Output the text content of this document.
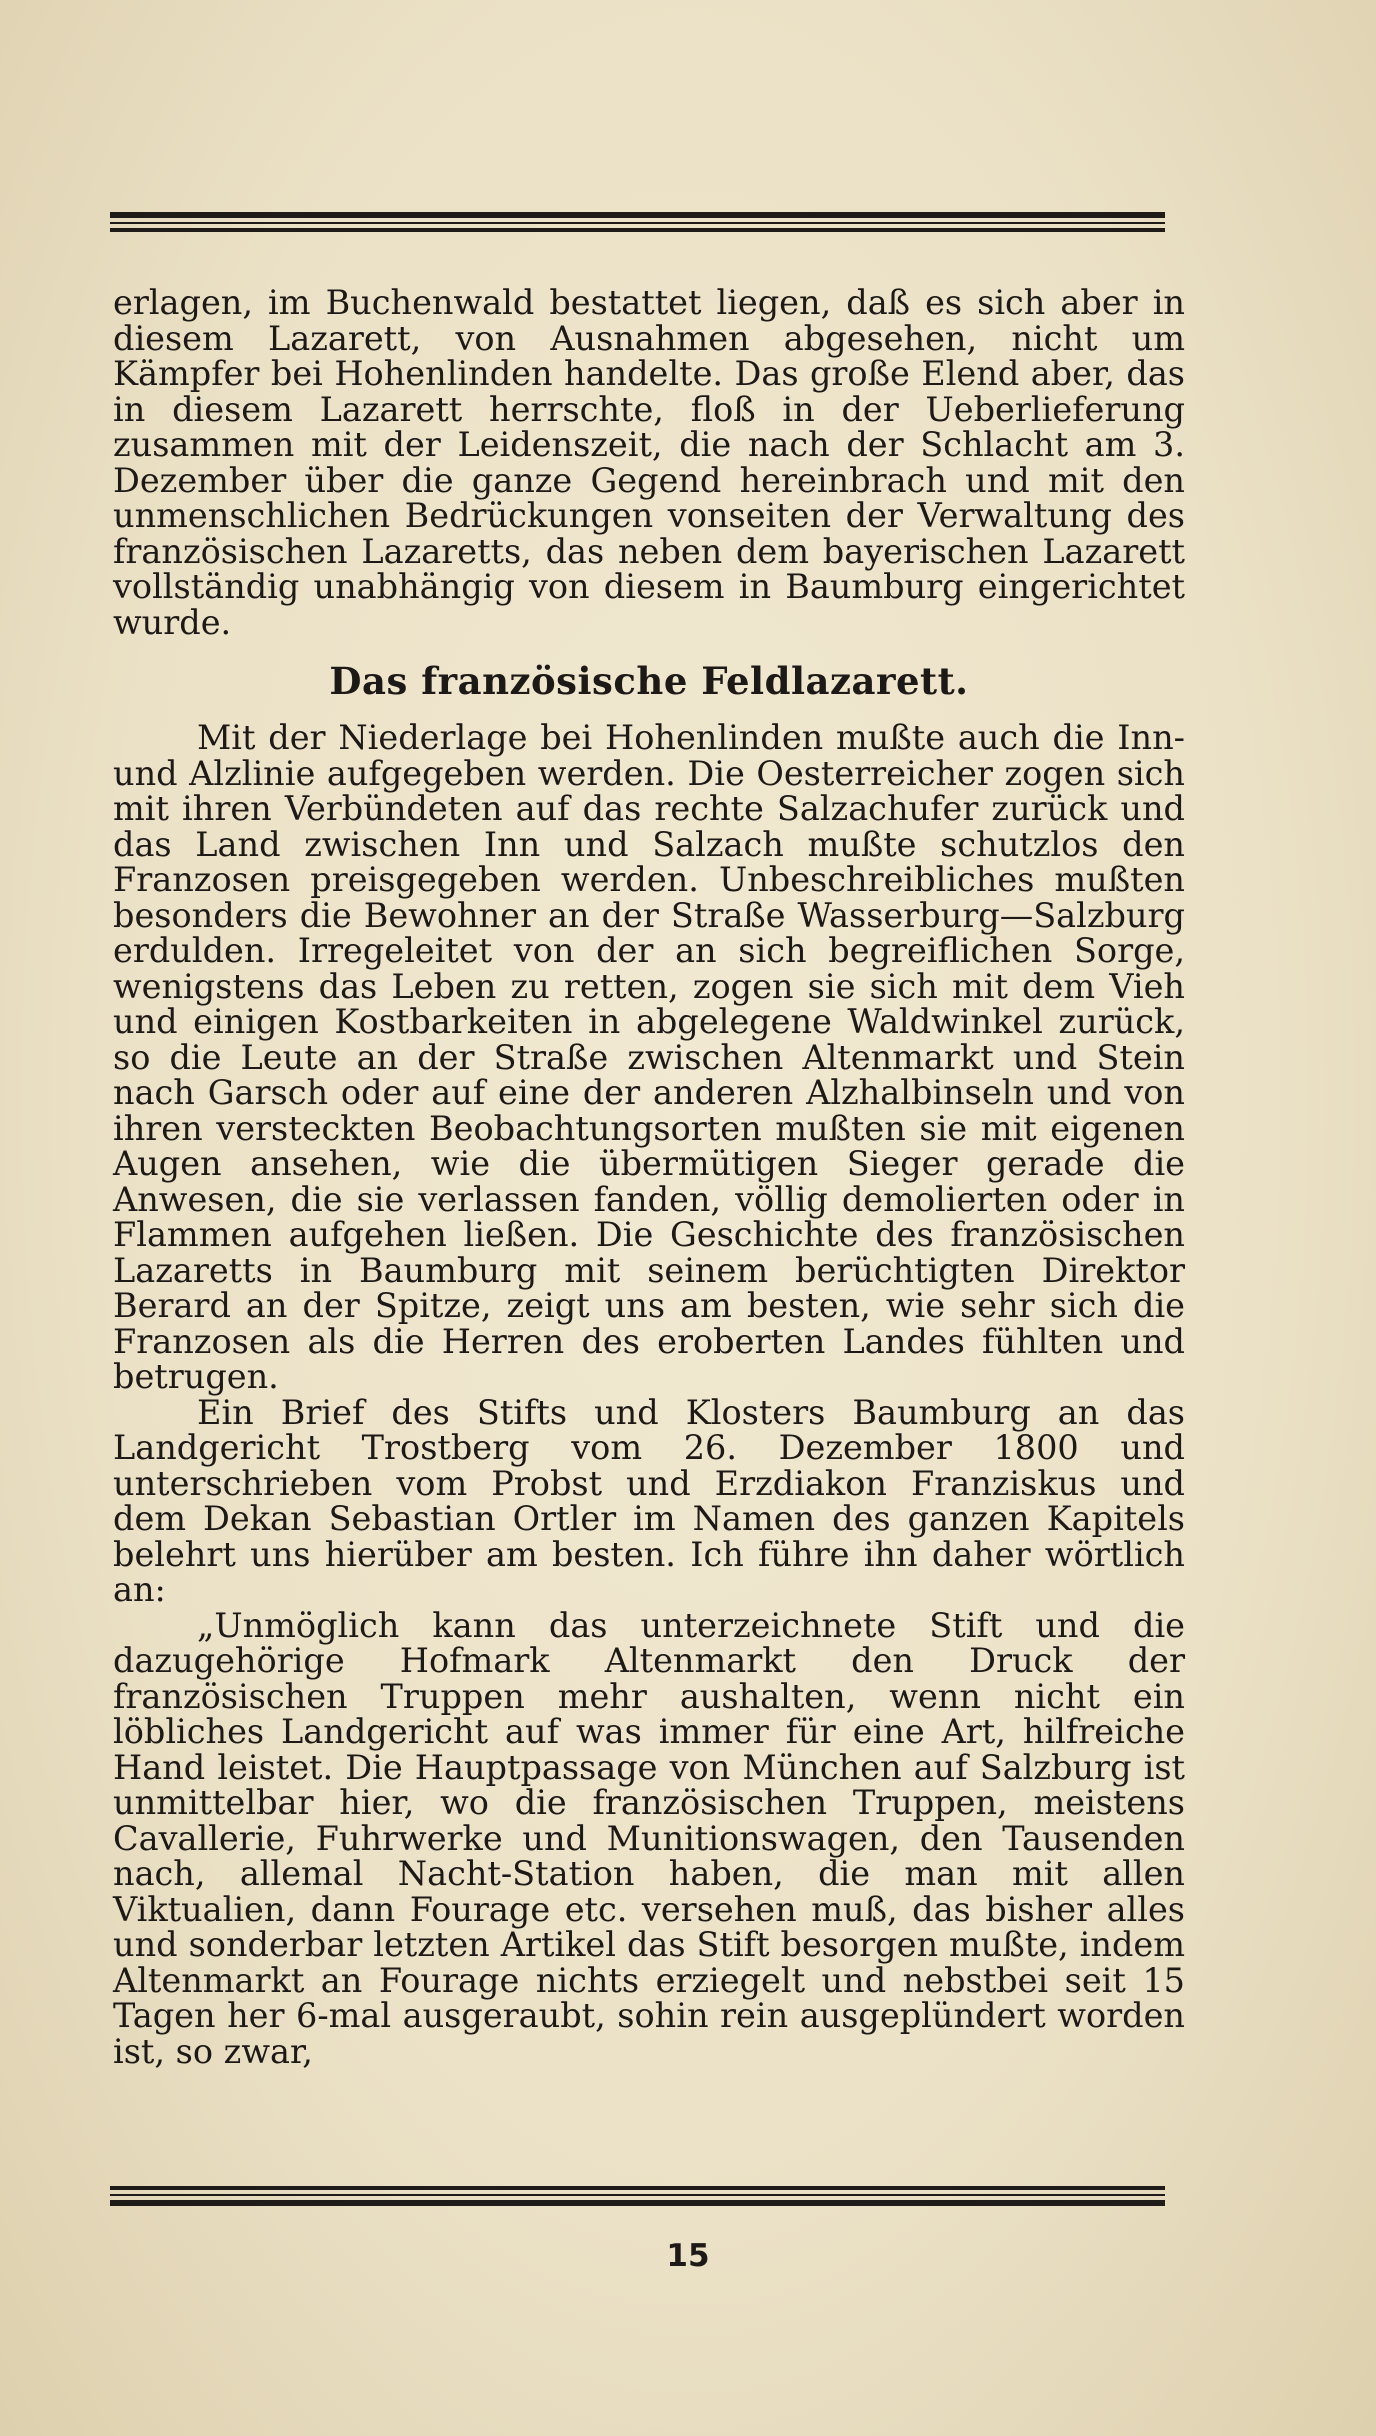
erlagen, im Buchenwald bestattet liegen, daß es sich aber in diesem Lazarett, von Ausnahmen abgesehen, nicht um Kämpfer bei Hohenlinden handelte. Das große Elend aber, das in diesem Lazarett herrschte, floß in der Ueberlieferung zusammen mit der Leidenszeit, die nach der Schlacht am 3. Dezember über die ganze Gegend hereinbrach und mit den unmenschlichen Bedrückungen vonseiten der Verwaltung des französischen Lazaretts, das neben dem bayerischen Lazarett vollständig unabhängig von diesem in Baumburg eingerichtet wurde.

Das französische Feldlazarett.

Mit der Niederlage bei Hohenlinden mußte auch die Inn- und Alzlinie aufgegeben werden. Die Oesterreicher zogen sich mit ihren Verbündeten auf das rechte Salzachufer zurück und das Land zwischen Inn und Salzach mußte schutzlos den Franzosen preisgegeben werden. Unbeschreibliches mußten besonders die Bewohner an der Straße Wasserburg—Salzburg erdulden. Irregeleitet von der an sich begreiflichen Sorge, wenigstens das Leben zu retten, zogen sie sich mit dem Vieh und einigen Kostbarkeiten in abgelegene Waldwinkel zurück, so die Leute an der Straße zwischen Altenmarkt und Stein nach Garsch oder auf eine der anderen Alzhalbinseln und von ihren versteckten Beobachtungsorten mußten sie mit eigenen Augen ansehen, wie die übermütigen Sieger gerade die Anwesen, die sie verlassen fanden, völlig demolierten oder in Flammen aufgehen ließen. Die Geschichte des französischen Lazaretts in Baumburg mit seinem berüchtigten Direktor Berard an der Spitze, zeigt uns am besten, wie sehr sich die Franzosen als die Herren des eroberten Landes fühlten und betrugen.

Ein Brief des Stifts und Klosters Baumburg an das Landgericht Trostberg vom 26. Dezember 1800 und unterschrieben vom Probst und Erzdiakon Franziskus und dem Dekan Sebastian Ortler im Namen des ganzen Kapitels belehrt uns hierüber am besten. Ich führe ihn daher wörtlich an:

„Unmöglich kann das unterzeichnete Stift und die dazugehörige Hofmark Altenmarkt den Druck der französischen Truppen mehr aushalten, wenn nicht ein löbliches Landgericht auf was immer für eine Art, hilfreiche Hand leistet. Die Hauptpassage von München auf Salzburg ist unmittelbar hier, wo die französischen Truppen, meistens Cavallerie, Fuhrwerke und Munitionswagen, den Tausenden nach, allemal Nacht-Station haben, die man mit allen Viktualien, dann Fourage etc. versehen muß, das bisher alles und sonderbar letzten Artikel das Stift besorgen mußte, indem Altenmarkt an Fourage nichts erziegelt und nebstbei seit 15 Tagen her 6-mal ausgeraubt, sohin rein ausgeplündert worden ist, so zwar,

15
